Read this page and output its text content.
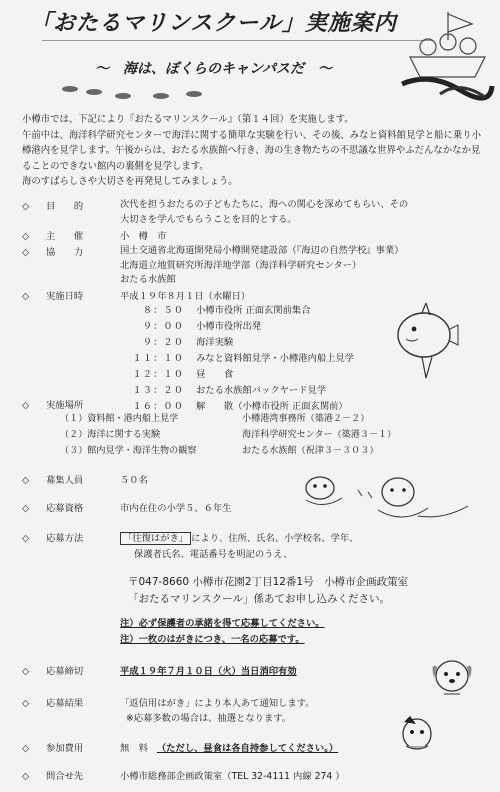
「おたるマリンスクール」実施案内
～　海は、ぼくらのキャンパスだ　～

小樽市では、下記により『おたるマリンスクール』（第１４回）を実施します。

午前中は、海洋科学研究センターで海洋に関する簡単な実験を行い、その後、みなと資料館見学と船に乗り小樽港内を見学します。午後からは、おたる水族館へ行き、海の生き物たちの不思議な世界やふだんなかなか見ることのできない館内の裏側を見学します。

海のすばらしさや大切さを再発見してみましょう。

◇ 目　　的	次代を担うおたるの子どもたちに、海への関心を深めてもらい、その
大切さを学んでもらうことを目的とする。
◇ 主　　催	小　樽　市
◇ 協　　力	国土交通省北海道開発局小樽開発建設部（『海辺の自然学校』事業）
北海道立地質研究所海洋地学部（海洋科学研究センター）
おたる水族館
◇ 実施日時	平成１９年８月１日（水曜日）
８：５０ 小樽市役所 正面玄関前集合
９：００ 小樽市役所出発
９：２０ 海洋実験
１１：１０ みなと資料館見学・小樽港内船上見学
１２：１０ 昼　　食
１３：２０ おたる水族館バックヤード見学
１６：００ 解　　散（小樽市役所 正面玄関前）
◇ 実施場所
（１）資料館・港内船上見学	小樽港湾事務所（築港２－２）
（２）海洋に関する実験	海洋科学研究センター（築港３－１）
（３）館内見学・海洋生物の観察	おたる水族館（祝津３－３０３）
◇ 募集人員	５０名
◇ 応募資格	市内在住の小学５、６年生
◇ 応募方法	「往復はがき」 により、住所、氏名、小学校名、学年、
保護者氏名、電話番号を明記のうえ、
〒047-8660 小樽市花園2丁目12番1号　小樽市企画政策室
「おたるマリンスクール」係あてお申し込みください。
注）必ず保護者の承諾を得て応募してください。
注）一枚のはがきにつき、一名の応募です。
◇ 応募締切	平成１９年７月１０日（火）当日消印有効
◇ 応募結果	「返信用はがき」により本人あて通知します。
※応募多数の場合は、抽選となります。
◇ 参加費用	無　料 （ただし、昼食は各自持参してください。）
◇ 問合せ先	小樽市総務部企画政策室（TEL 32-4111 内線 274 ）
